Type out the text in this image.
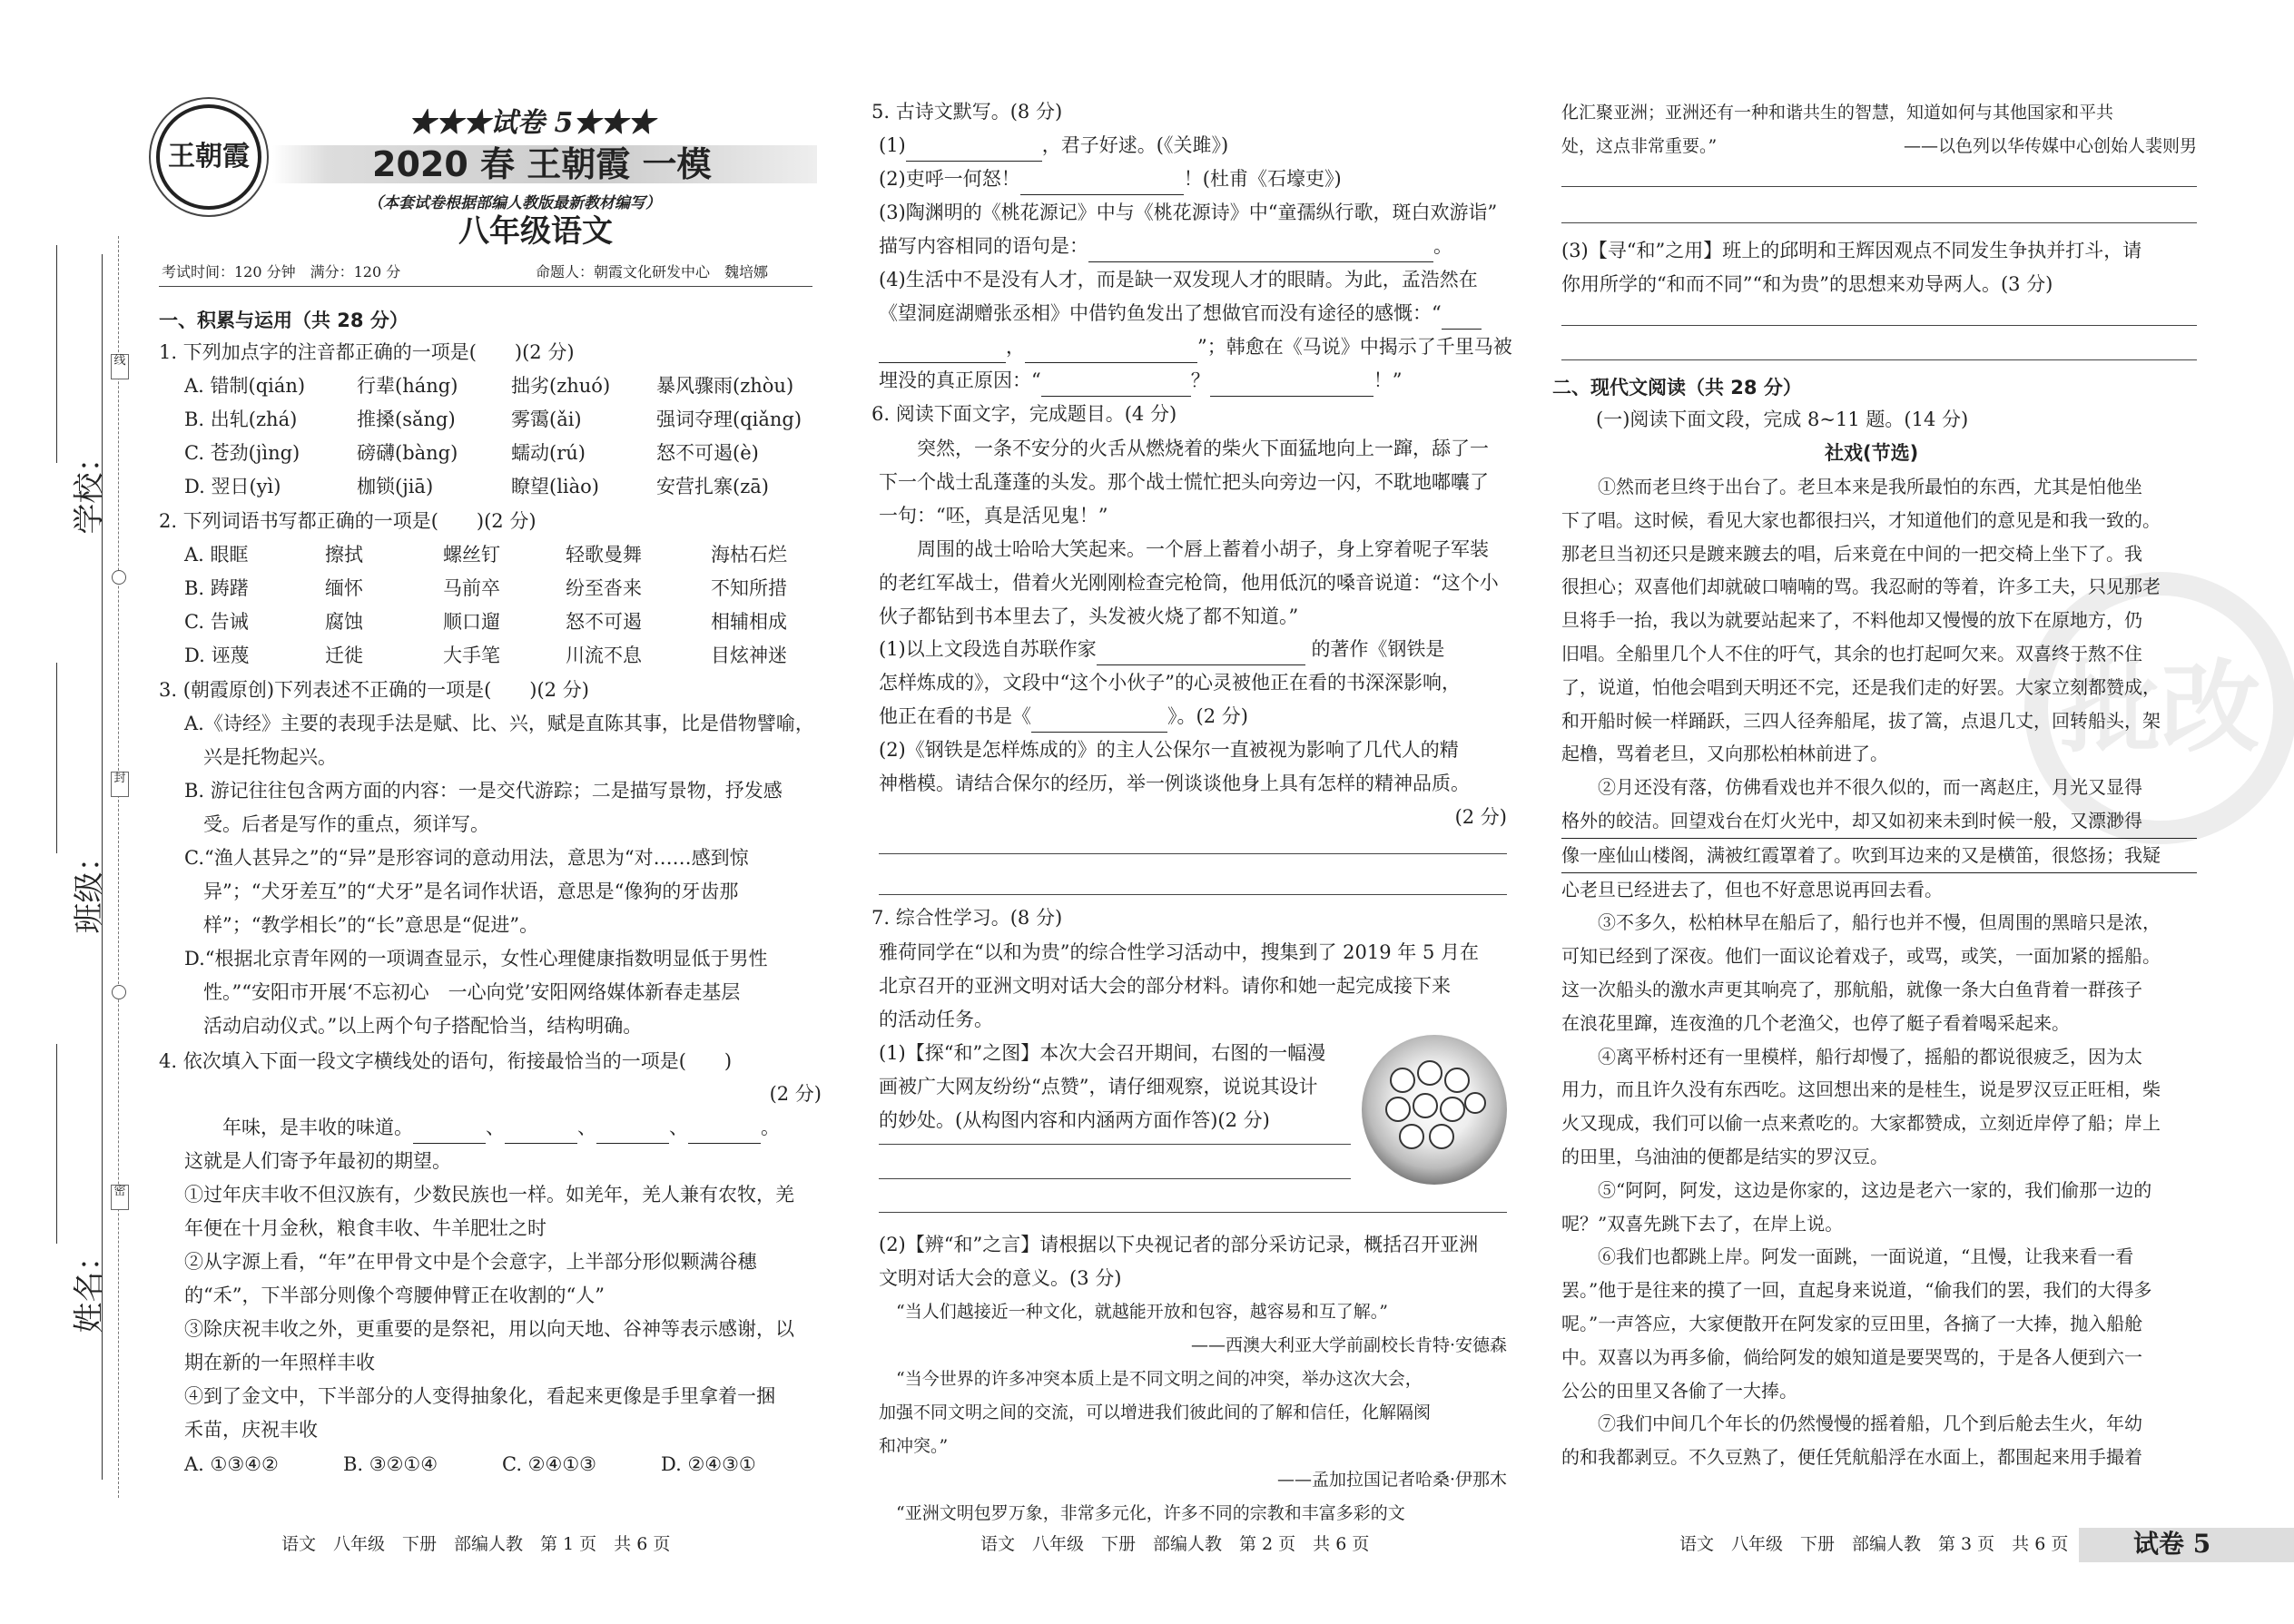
学校：
班级：
姓名：
线
封
密
王朝霞
★★★试卷 5★★★
2020 春 王朝霞 一模
（本套试卷根据部编人教版最新教材编写）
八年级语文
考试时间：120 分钟　满分：120 分	命题人：朝霞文化研发中心　魏培娜

一、积累与运用（共 28 分）

1. 下列加点字的注音都正确的一项是(　　)(2 分)

A. 错制(qián)	行辈(háng)	拙劣(zhuó)	暴风骤雨(zhòu)
B. 出轧(zhá)	推搡(sǎng)	雾霭(ǎi)	强词夺理(qiǎng)
C. 苍劲(jìng)	磅礴(bàng)	蠕动(rú)	怒不可遏(è)
D. 翌日(yì)	枷锁(jiā)	瞭望(liào)	安营扎寨(zā)

2. 下列词语书写都正确的一项是(　　)(2 分)

A. 眼眶	擦拭	螺丝钉	轻歌曼舞	海枯石烂
B. 踌躇	缅怀	马前卒	纷至沓来	不知所措
C. 告诫	腐蚀	顺口遛	怒不可遏	相辅相成
D. 诬蔑	迁徙	大手笔	川流不息	目炫神迷

3. (朝霞原创)下列表述不正确的一项是(　　)(2 分)

A.《诗经》主要的表现手法是赋、比、兴，赋是直陈其事，比是借物譬喻，

　兴是托物起兴。

B. 游记往往包含两方面的内容：一是交代游踪；二是描写景物，抒发感

　受。后者是写作的重点，须详写。

C.“渔人甚异之”的“异”是形容词的意动用法，意思为“对……感到惊

　异”；“犬牙差互”的“犬牙”是名词作状语，意思是“像狗的牙齿那

　样”；“教学相长”的“长”意思是“促进”。

D.“根据北京青年网的一项调查显示，女性心理健康指数明显低于男性

　性。”“安阳市开展‘不忘初心　一心向党’安阳网络媒体新春走基层

　活动启动仪式。”以上两个句子搭配恰当，结构明确。

4. 依次填入下面一段文字横线处的语句，衔接最恰当的一项是(　　)

(2 分)

　　年味，是丰收的味道。	、	、	、	。

这就是人们寄予年最初的期望。

①过年庆丰收不但汉族有，少数民族也一样。如羌年，羌人兼有农牧，羌

年便在十月金秋，粮食丰收、牛羊肥壮之时

②从字源上看，“年”在甲骨文中是个会意字，上半部分形似颗满谷穗

的“禾”，下半部分则像个弯腰伸臂正在收割的“人”

③除庆祝丰收之外，更重要的是祭祀，用以向天地、谷神等表示感谢，以

期在新的一年照样丰收

④到了金文中，下半部分的人变得抽象化，看起来更像是手里拿着一捆

禾苗，庆祝丰收

A. ①③④②	B. ③②①④	C. ②④①③	D. ②④③①

5. 古诗文默写。(8 分)

(1)	，君子好逑。(《关雎》)

(2)吏呼一何怒！	！(杜甫《石壕吏》)

(3)陶渊明的《桃花源记》中与《桃花源诗》中“童孺纵行歌，斑白欢游诣”

描写内容相同的语句是：	。

(4)生活中不是没有人才，而是缺一双发现人才的眼睛。为此，孟浩然在

《望洞庭湖赠张丞相》中借钓鱼发出了想做官而没有途径的感慨：“

，	”；韩愈在《马说》中揭示了千里马被

埋没的真正原因：“	？	！”

6. 阅读下面文字，完成题目。(4 分)

　　突然，一条不安分的火舌从燃烧着的柴火下面猛地向上一蹿，舔了一

下一个战士乱蓬蓬的头发。那个战士慌忙把头向旁边一闪，不耽地嘟囔了

一句：“呸，真是活见鬼！”

　　周围的战士哈哈大笑起来。一个唇上蓄着小胡子，身上穿着呢子军装

的老红军战士，借着火光刚刚检查完枪筒，他用低沉的嗓音说道：“这个小

伙子都钻到书本里去了，头发被火烧了都不知道。”

(1)以上文段选自苏联作家	的著作《钢铁是

怎样炼成的》，文段中“这个小伙子”的心灵被他正在看的书深深影响，

他正在看的书是《	》。(2 分)

(2)《钢铁是怎样炼成的》的主人公保尔一直被视为影响了几代人的精

神楷模。请结合保尔的经历，举一例谈谈他身上具有怎样的精神品质。

(2 分)

7. 综合性学习。(8 分)

雅荷同学在“以和为贵”的综合性学习活动中，搜集到了 2019 年 5 月在

北京召开的亚洲文明对话大会的部分材料。请你和她一起完成接下来

的活动任务。

(1)【探“和”之图】本次大会召开期间，右图的一幅漫

画被广大网友纷纷“点赞”，请仔细观察，说说其设计

的妙处。(从构图内容和内涵两方面作答)(2 分)

(2)【辨“和”之言】请根据以下央视记者的部分采访记录，概括召开亚洲

文明对话大会的意义。(3 分)

　“当人们越接近一种文化，就越能开放和包容，越容易和互了解。”

——西澳大利亚大学前副校长肯特·安德森

　“当今世界的许多冲突本质上是不同文明之间的冲突，举办这次大会，

加强不同文明之间的交流，可以增进我们彼此间的了解和信任，化解隔阂

和冲突。”

——孟加拉国记者哈桑·伊那木

　“亚洲文明包罗万象，非常多元化，许多不同的宗教和丰富多彩的文

化汇聚亚洲；亚洲还有一种和谐共生的智慧，知道如何与其他国家和平共

处，这点非常重要。”	——以色列以华传媒中心创始人裴则男

(3)【寻“和”之用】班上的邱明和王辉因观点不同发生争执并打斗，请

你用所学的“和而不同”“和为贵”的思想来劝导两人。(3 分)

二、现代文阅读（共 28 分）

(一)阅读下面文段，完成 8~11 题。(14 分)

社戏(节选)

　　①然而老旦终于出台了。老旦本来是我所最怕的东西，尤其是怕他坐

下了唱。这时候，看见大家也都很扫兴，才知道他们的意见是和我一致的。

那老旦当初还只是踱来踱去的唱，后来竟在中间的一把交椅上坐下了。我

很担心；双喜他们却就破口喃喃的骂。我忍耐的等着，许多工夫，只见那老

旦将手一抬，我以为就要站起来了，不料他却又慢慢的放下在原地方，仍

旧唱。全船里几个人不住的吁气，其余的也打起呵欠来。双喜终于熬不住

了，说道，怕他会唱到天明还不完，还是我们走的好罢。大家立刻都赞成，

和开船时候一样踊跃，三四人径奔船尾，拔了篙，点退几丈，回转船头，架

起橹，骂着老旦，又向那松柏林前进了。

　　②月还没有落，仿佛看戏也并不很久似的，而一离赵庄，月光又显得

格外的皎洁。回望戏台在灯火光中，却又如初来未到时候一般，又漂渺得

像一座仙山楼阁，满被红霞罩着了。吹到耳边来的又是横笛，很悠扬；我疑

心老旦已经进去了，但也不好意思说再回去看。

　　③不多久，松柏林早在船后了，船行也并不慢，但周围的黑暗只是浓，

可知已经到了深夜。他们一面议论着戏子，或骂，或笑，一面加紧的摇船。

这一次船头的激水声更其响亮了，那航船，就像一条大白鱼背着一群孩子

在浪花里蹿，连夜渔的几个老渔父，也停了艇子看着喝采起来。

　　④离平桥村还有一里模样，船行却慢了，摇船的都说很疲乏，因为太

用力，而且许久没有东西吃。这回想出来的是桂生，说是罗汉豆正旺相，柴

火又现成，我们可以偷一点来煮吃的。大家都赞成，立刻近岸停了船；岸上

的田里，乌油油的便都是结实的罗汉豆。

　　⑤“阿阿，阿发，这边是你家的，这边是老六一家的，我们偷那一边的

呢？”双喜先跳下去了，在岸上说。

　　⑥我们也都跳上岸。阿发一面跳，一面说道，“且慢，让我来看一看

罢。”他于是往来的摸了一回，直起身来说道，“偷我们的罢，我们的大得多

呢。”一声答应，大家便散开在阿发家的豆田里，各摘了一大捧，抛入船舱

中。双喜以为再多偷，倘给阿发的娘知道是要哭骂的，于是各人便到六一

公公的田里又各偷了一大捧。

　　⑦我们中间几个年长的仍然慢慢的摇着船，几个到后舱去生火，年幼

的和我都剥豆。不久豆熟了，便任凭航船浮在水面上，都围起来用手撮着

批改
语文　八年级　下册　部编人教　第 1 页　共 6 页	语文　八年级　下册　部编人教　第 2 页　共 6 页	语文　八年级　下册　部编人教　第 3 页　共 6 页	试卷 5
